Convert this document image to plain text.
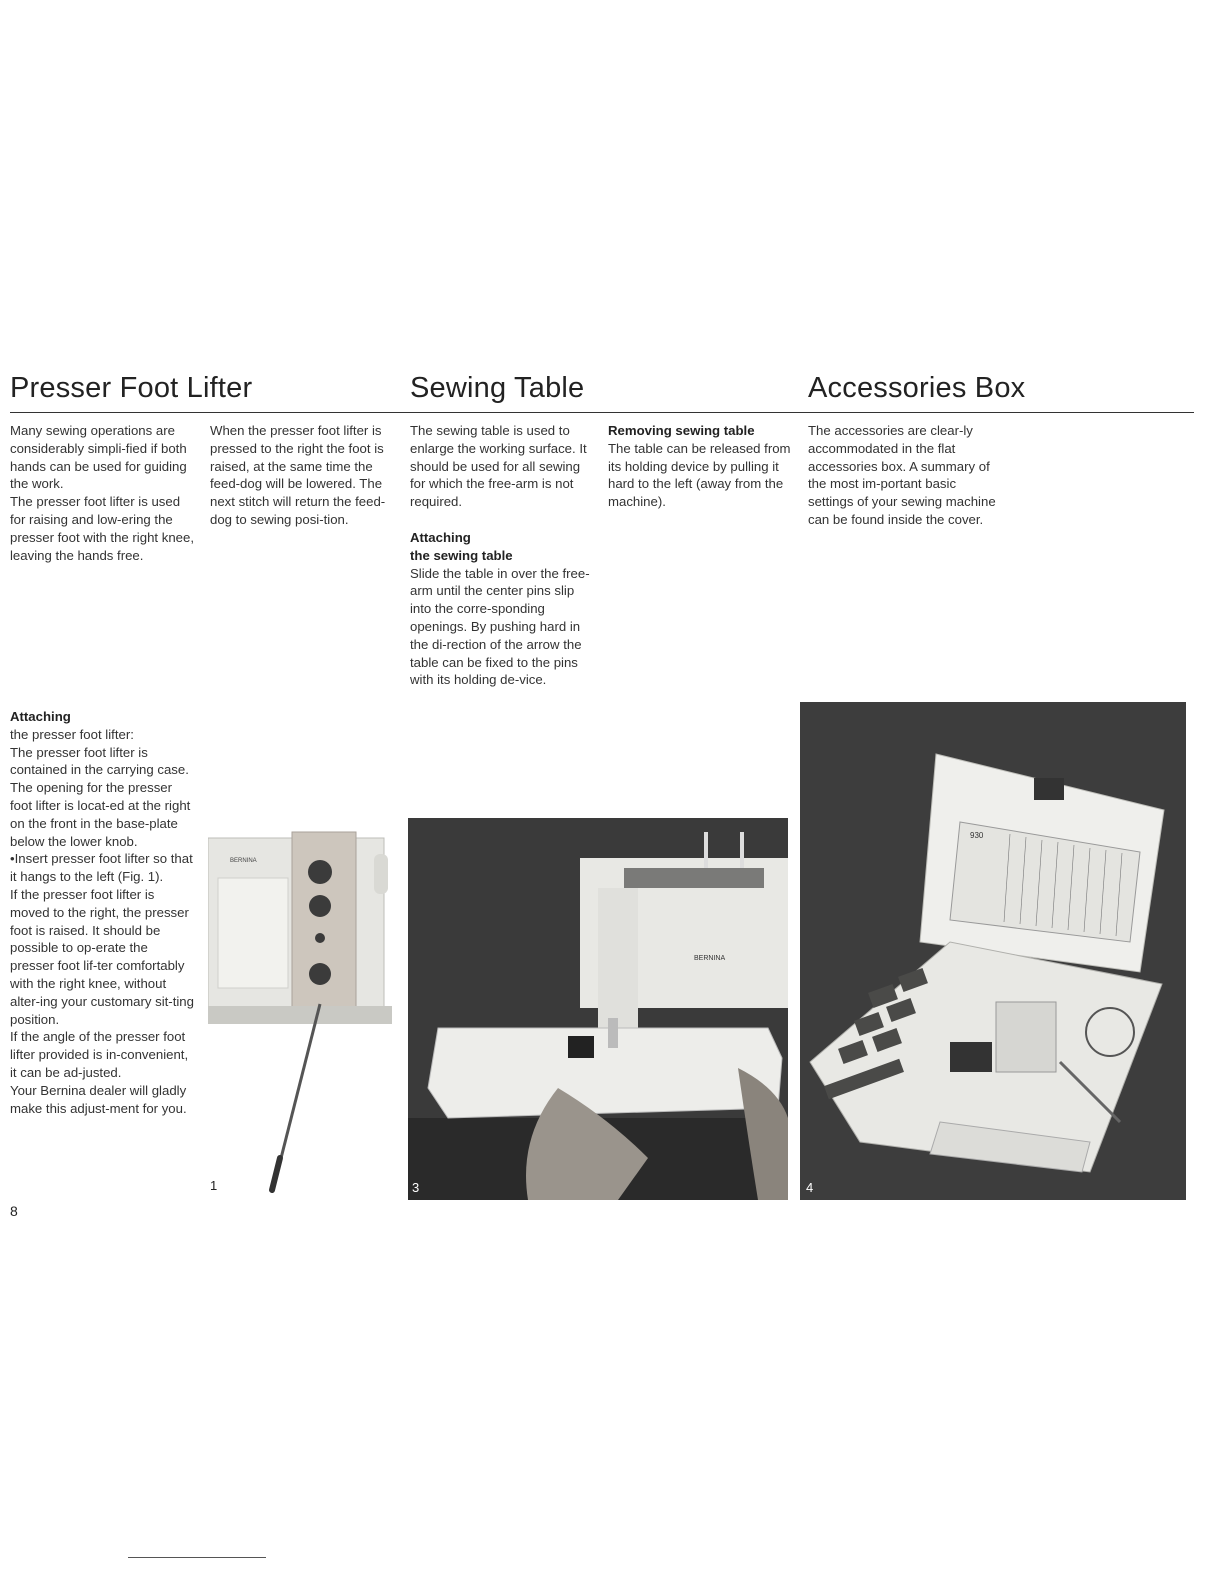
Presser Foot Lifter	Sewing Table	Accessories Box

Many sewing operations are considerably simpli-fied if both hands can be used for guiding the work.

The presser foot lifter is used for raising and low-ering the presser foot with the right knee, leaving the hands free.

Attaching

the presser foot lifter:

The presser foot lifter is contained in the carrying case. The opening for the presser foot lifter is locat-ed at the right on the front in the base-plate below the lower knob.

• Insert presser foot lifter so that it hangs to the left (Fig. 1).

If the presser foot lifter is moved to the right, the presser foot is raised. It should be possible to op-erate the presser foot lif-ter comfortably with the right knee, without alter-ing your customary sit-ting position.

If the angle of the presser foot lifter provided is in-convenient, it can be ad-justed.

Your Bernina dealer will gladly make this adjust-ment for you.

8

When the presser foot lifter is pressed to the right the foot is raised, at the same time the feed-dog will be lowered. The next stitch will return the feed-dog to sewing posi-tion.

The sewing table is used to enlarge the working surface. It should be used for all sewing for which the free-arm is not required.

Attaching
the sewing table

Slide the table in over the free-arm until the center pins slip into the corre-sponding openings. By pushing hard in the di-rection of the arrow the table can be fixed to the pins with its holding de-vice.

Removing sewing table

The table can be released from its holding device by pulling it hard to the left (away from the machine).

The accessories are clear-ly accommodated in the flat accessories box. A summary of the most im-portant basic settings of your sewing machine can be found inside the cover.

BERNINA
1
BERNINA
3
930
4
